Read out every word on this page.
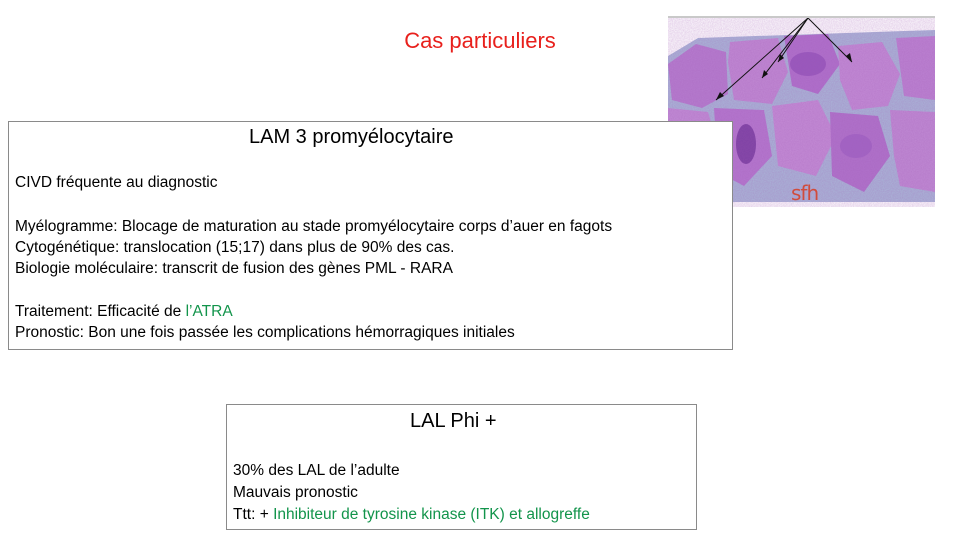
Cas particuliers
sfh
LAM 3 promyélocytaire
CIVD fréquente au diagnostic
Myélogramme: Blocage de maturation au stade promyélocytaire corps d’auer en fagots
Cytogénétique: translocation (15;17) dans plus de 90% des cas.
Biologie moléculaire: transcrit de fusion des gènes PML - RARA
Traitement: Efficacité de l’ATRA
Pronostic: Bon une fois passée les complications hémorragiques initiales
LAL Phi +
30% des LAL de l’adulte
Mauvais pronostic
Ttt: + Inhibiteur de tyrosine kinase (ITK) et allogreffe
